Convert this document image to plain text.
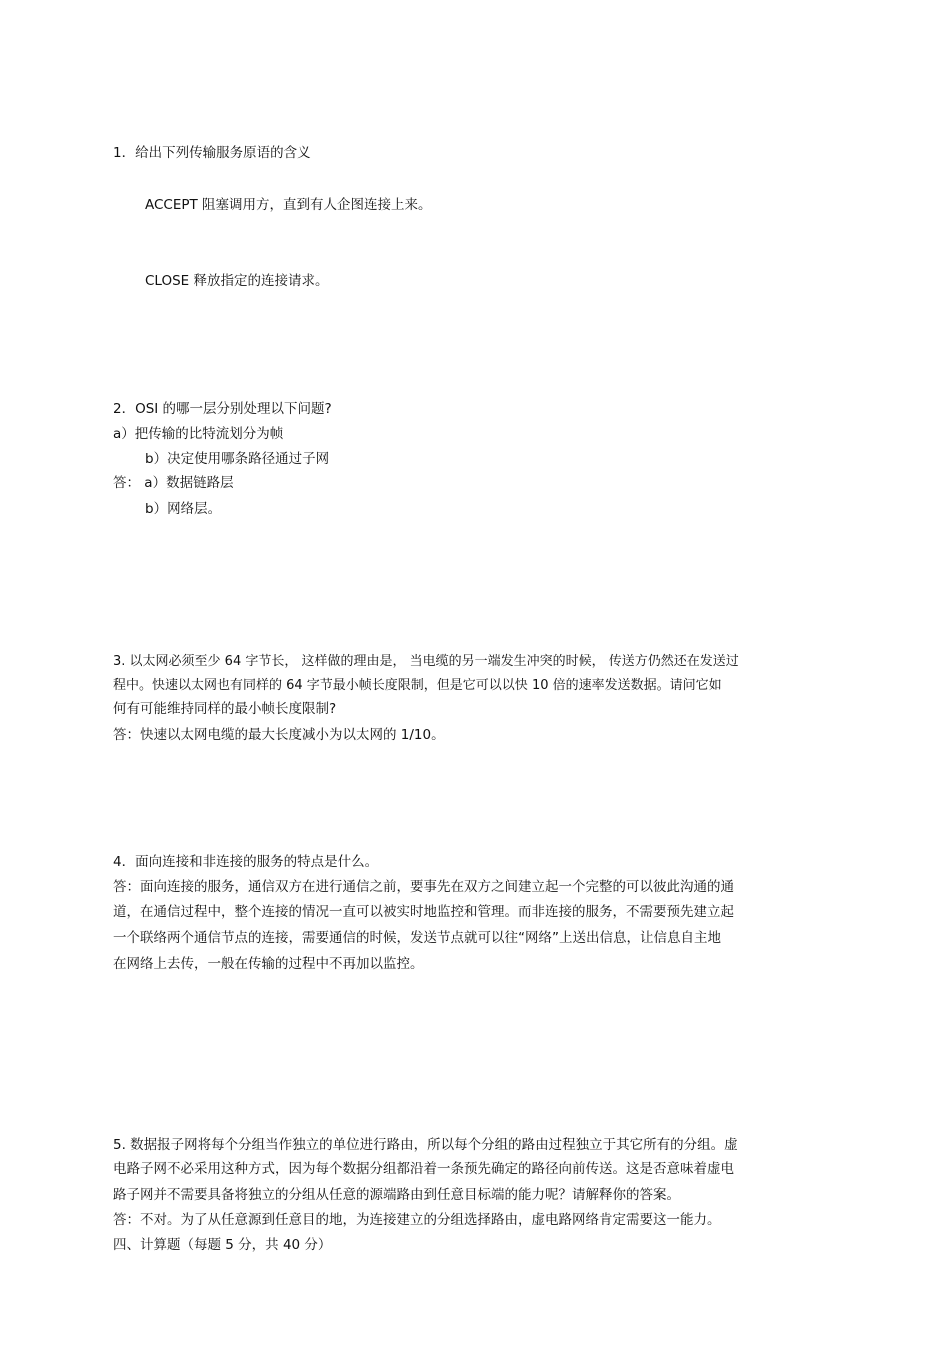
1．给出下列传输服务原语的含义
ACCEPT 阻塞调用方，直到有人企图连接上来。
CLOSE 释放指定的连接请求。
2．OSI 的哪一层分别处理以下问题?
a）把传输的比特流划分为帧
b）决定使用哪条路径通过子网
答： a）数据链路层
b）网络层。
3. 以太网必须至少 64 字节长， 这样做的理由是， 当电缆的另一端发生冲突的时候， 传送方仍然还在发送过
程中。快速以太网也有同样的 64 字节最小帧长度限制，但是它可以以快 10 倍的速率发送数据。请问它如
何有可能维持同样的最小帧长度限制?
答：快速以太网电缆的最大长度减小为以太网的 1/10。
4．面向连接和非连接的服务的特点是什么。
答：面向连接的服务，通信双方在进行通信之前，要事先在双方之间建立起一个完整的可以彼此沟通的通
道，在通信过程中，整个连接的情况一直可以被实时地监控和管理。而非连接的服务，不需要预先建立起
一个联络两个通信节点的连接，需要通信的时候，发送节点就可以往“网络”上送出信息，让信息自主地
在网络上去传，一般在传输的过程中不再加以监控。
5. 数据报子网将每个分组当作独立的单位进行路由，所以每个分组的路由过程独立于其它所有的分组。虚
电路子网不必采用这种方式，因为每个数据分组都沿着一条预先确定的路径向前传送。这是否意味着虚电
路子网并不需要具备将独立的分组从任意的源端路由到任意目标端的能力呢？请解释你的答案。
答：不对。为了从任意源到任意目的地，为连接建立的分组选择路由，虚电路网络肯定需要这一能力。
四、计算题（每题 5 分，共 40 分）
